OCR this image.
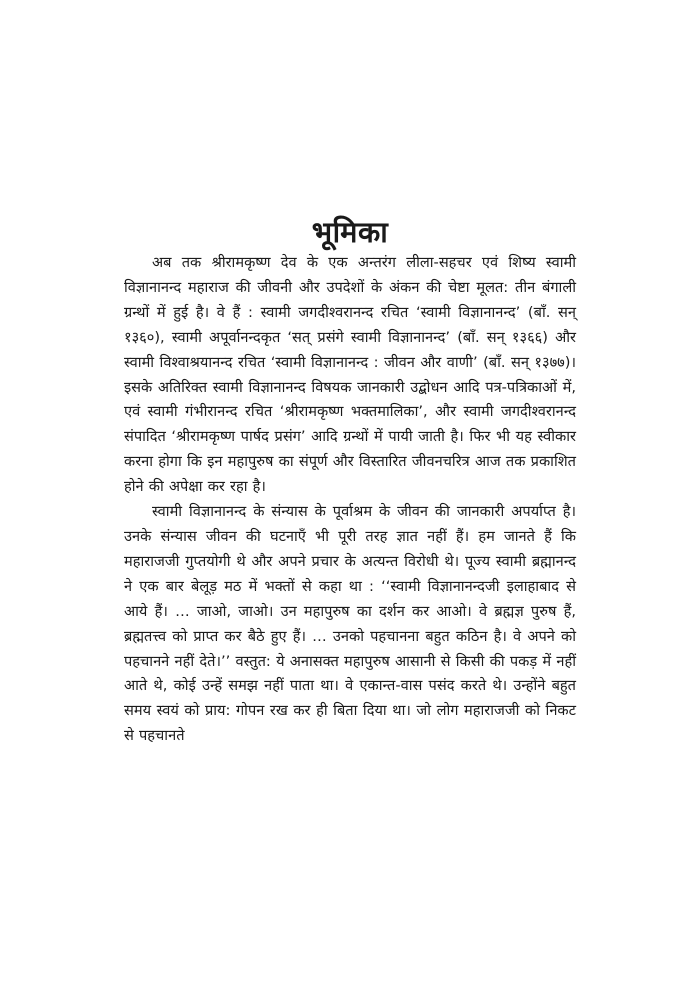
भूमिका

अब तक श्रीरामकृष्ण देव के एक अन्तरंग लीला-सहचर एवं शिष्य स्वामी विज्ञानानन्द महाराज की जीवनी और उपदेशों के अंकन की चेष्टा मूलत: तीन बंगाली ग्रन्थों में हुई है। वे हैं : स्वामी जगदीश्वरानन्द रचित ‘स्वामी विज्ञानानन्द’ (बाँ. सन् १३६०), स्वामी अपूर्वानन्दकृत ‘सत् प्रसंगे स्वामी विज्ञानानन्द’ (बाँ. सन् १३६६) और स्वामी विश्वाश्रयानन्द रचित ‘स्वामी विज्ञानानन्द : जीवन और वाणी’ (बाँ. सन् १३७७)। इसके अतिरिक्त स्वामी विज्ञानानन्द विषयक जानकारी उद्बोधन आदि पत्र-पत्रिकाओं में, एवं स्वामी गंभीरानन्द रचित ‘श्रीरामकृष्ण भक्तमालिका’, और स्वामी जगदीश्वरानन्द संपादित ‘श्रीरामकृष्ण पार्षद प्रसंग’ आदि ग्रन्थों में पायी जाती है। फिर भी यह स्वीकार करना होगा कि इन महापुरुष का संपूर्ण और विस्तारित जीवनचरित्र आज तक प्रकाशित होने की अपेक्षा कर रहा है।

स्वामी विज्ञानानन्द के संन्यास के पूर्वाश्रम के जीवन की जानकारी अपर्याप्त है। उनके संन्यास जीवन की घटनाएँ भी पूरी तरह ज्ञात नहीं हैं। हम जानते हैं कि महाराजजी गुप्तयोगी थे और अपने प्रचार के अत्यन्त विरोधी थे। पूज्य स्वामी ब्रह्मानन्द ने एक बार बेलूड़ मठ में भक्तों से कहा था : ‘‘स्वामी विज्ञानानन्दजी इलाहाबाद से आये हैं। … जाओ, जाओ। उन महापुरुष का दर्शन कर आओ। वे ब्रह्मज्ञ पुरुष हैं, ब्रह्मतत्त्व को प्राप्त कर बैठे हुए हैं। … उनको पहचानना बहुत कठिन है। वे अपने को पहचानने नहीं देते।’’ वस्तुत: ये अनासक्त महापुरुष आसानी से किसी की पकड़ में नहीं आते थे, कोई उन्हें समझ नहीं पाता था। वे एकान्त-वास पसंद करते थे। उन्होंने बहुत समय स्वयं को प्राय: गोपन रख कर ही बिता दिया था। जो लोग महाराजजी को निकट से पहचानते
